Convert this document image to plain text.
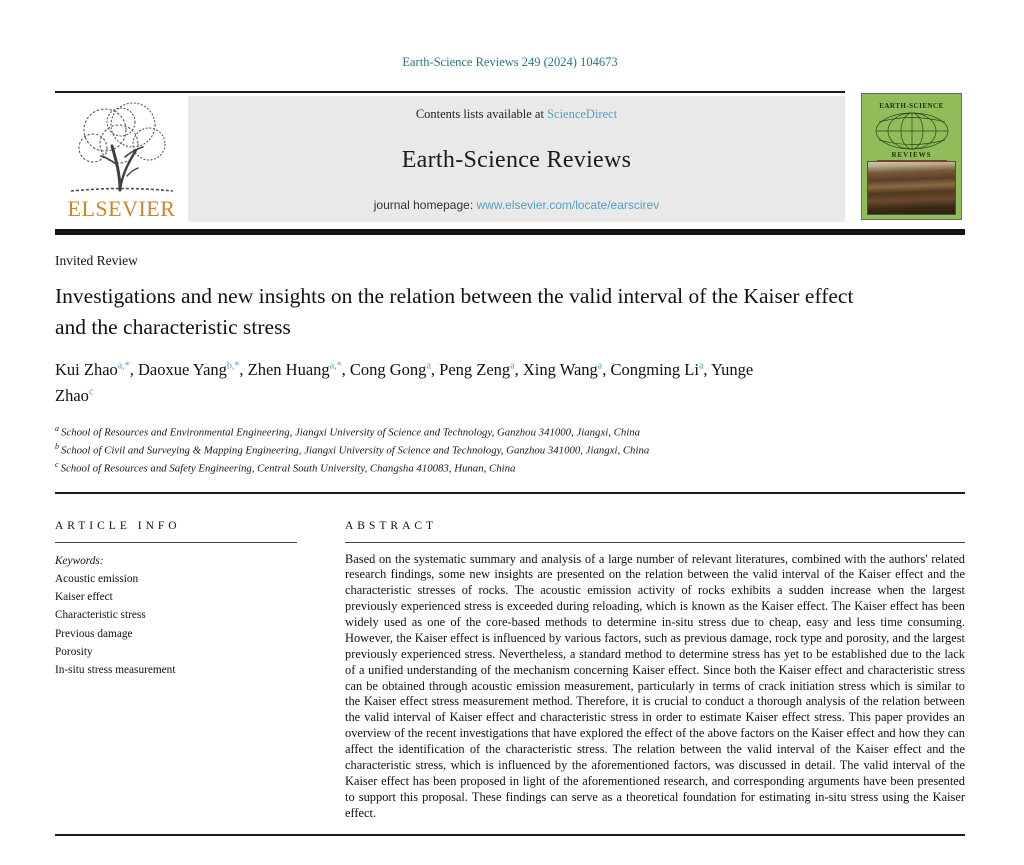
Earth-Science Reviews 249 (2024) 104673
ELSEVIER
Contents lists available at ScienceDirect
Earth-Science Reviews
journal homepage: www.elsevier.com/locate/earscirev
EARTH-SCIENCE
REVIEWS
Invited Review
Investigations and new insights on the relation between the valid interval of the Kaiser effect and the characteristic stress
Kui Zhao$^{a,*}$, Daoxue Yang$^{b,*}$, Zhen Huang$^{a,*}$, Cong Gong$^a$, Peng Zeng$^a$, Xing Wang$^a$, Congming Li$^a$, Yunge Zhao$^c$
$^a$ School of Resources and Environmental Engineering, Jiangxi University of Science and Technology, Ganzhou 341000, Jiangxi, China
$^b$ School of Civil and Surveying & Mapping Engineering, Jiangxi University of Science and Technology, Ganzhou 341000, Jiangxi, China
$^c$ School of Resources and Safety Engineering, Central South University, Changsha 410083, Hunan, China
ARTICLE INFO
Keywords:
Acoustic emission
Kaiser effect
Characteristic stress
Previous damage
Porosity
In-situ stress measurement
ABSTRACT
Based on the systematic summary and analysis of a large number of relevant literatures, combined with the authors' related research findings, some new insights are presented on the relation between the valid interval of the Kaiser effect and the characteristic stresses of rocks. The acoustic emission activity of rocks exhibits a sudden increase when the largest previously experienced stress is exceeded during reloading, which is known as the Kaiser effect. The Kaiser effect has been widely used as one of the core-based methods to determine in-situ stress due to cheap, easy and less time consuming. However, the Kaiser effect is influenced by various factors, such as previous damage, rock type and porosity, and the largest previously experienced stress. Nevertheless, a standard method to determine stress has yet to be established due to the lack of a unified understanding of the mechanism concerning Kaiser effect. Since both the Kaiser effect and characteristic stress can be obtained through acoustic emission measurement, particularly in terms of crack initiation stress which is similar to the Kaiser effect stress measurement method. Therefore, it is crucial to conduct a thorough analysis of the relation between the valid interval of Kaiser effect and characteristic stress in order to estimate Kaiser effect stress. This paper provides an overview of the recent investigations that have explored the effect of the above factors on the Kaiser effect and how they can affect the identification of the characteristic stress. The relation between the valid interval of the Kaiser effect and the characteristic stress, which is influenced by the aforementioned factors, was discussed in detail. The valid interval of the Kaiser effect has been proposed in light of the aforementioned research, and corresponding arguments have been presented to support this proposal. These findings can serve as a theoretical foundation for estimating in-situ stress using the Kaiser effect.
